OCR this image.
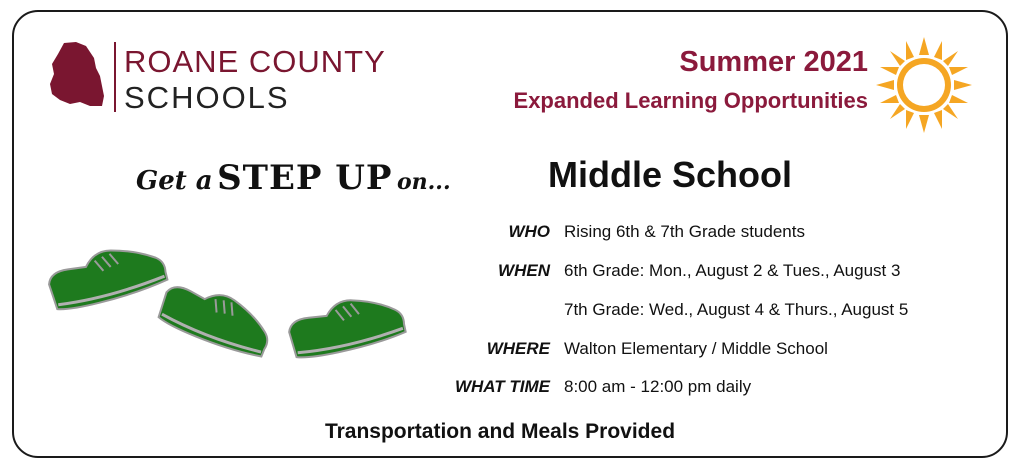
ROANE COUNTY
SCHOOLS
Summer 2021
Expanded Learning Opportunities
Get a STEP UP on...	Middle School
WHO Rising 6th & 7th Grade students
WHEN 6th Grade: Mon., August 2 & Tues., August 3
7th Grade: Wed., August 4 & Thurs., August 5
WHERE Walton Elementary / Middle School
WHAT TIME 8:00 am - 12:00 pm daily
Transportation and Meals Provided
